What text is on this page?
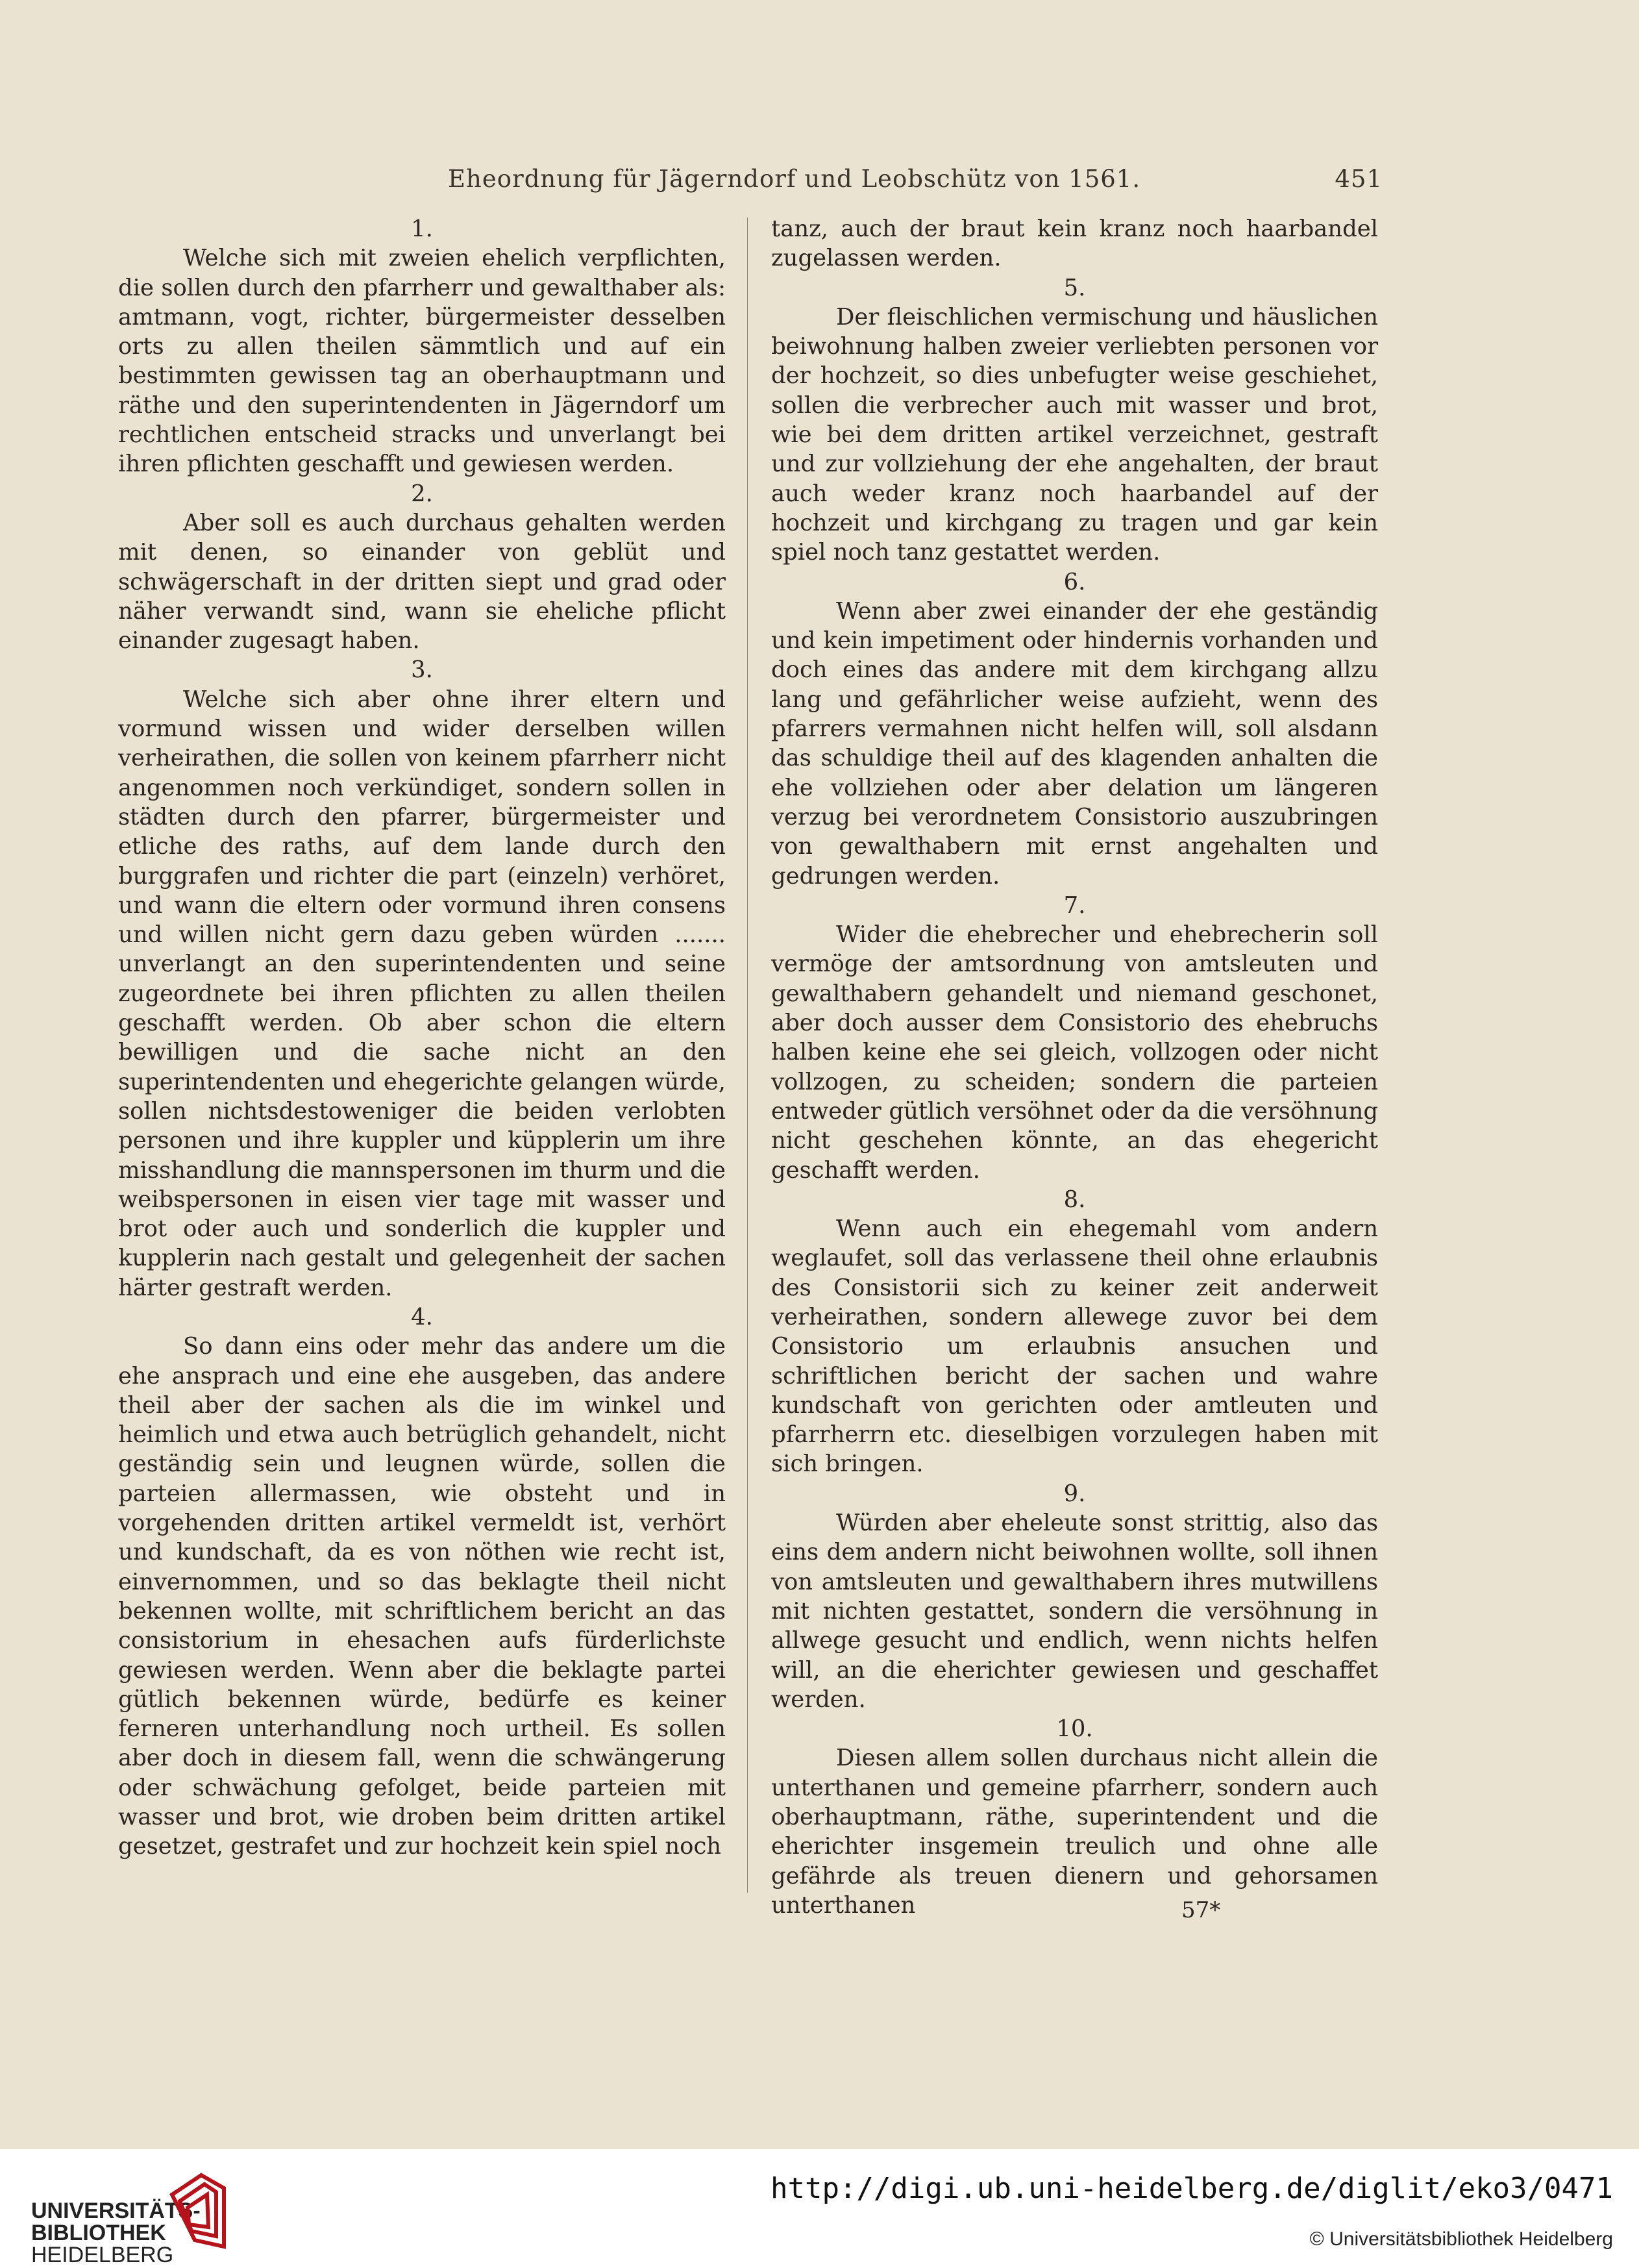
Eheordnung für Jägerndorf und Leobschütz von 1561.	451

1.

Welche sich mit zweien ehelich verpflichten, die sollen durch den pfarrherr und gewalthaber als: amtmann, vogt, richter, bürgermeister desselben orts zu allen theilen sämmtlich und auf ein bestimmten gewissen tag an oberhauptmann und räthe und den superintendenten in Jägerndorf um rechtlichen entscheid stracks und unverlangt bei ihren pflichten geschafft und gewiesen werden.

2.

Aber soll es auch durchaus gehalten werden mit denen, so einander von geblüt und schwägerschaft in der dritten siept und grad oder näher verwandt sind, wann sie eheliche pflicht einander zugesagt haben.

3.

Welche sich aber ohne ihrer eltern und vormund wissen und wider derselben willen verheirathen, die sollen von keinem pfarrherr nicht angenommen noch verkündiget, sondern sollen in städten durch den pfarrer, bürgermeister und etliche des raths, auf dem lande durch den burggrafen und richter die part (einzeln) verhöret, und wann die eltern oder vormund ihren consens und willen nicht gern dazu geben würden ....... unverlangt an den superintendenten und seine zugeordnete bei ihren pflichten zu allen theilen geschafft werden. Ob aber schon die eltern bewilligen und die sache nicht an den superintendenten und ehegerichte gelangen würde, sollen nichtsdestoweniger die beiden verlobten personen und ihre kuppler und küpplerin um ihre misshandlung die mannspersonen im thurm und die weibspersonen in eisen vier tage mit wasser und brot oder auch und sonderlich die kuppler und kupplerin nach gestalt und gelegenheit der sachen härter gestraft werden.

4.

So dann eins oder mehr das andere um die ehe ansprach und eine ehe ausgeben, das andere theil aber der sachen als die im winkel und heimlich und etwa auch betrüglich gehandelt, nicht geständig sein und leugnen würde, sollen die parteien allermassen, wie obsteht und in vorgehenden dritten artikel vermeldt ist, verhört und kundschaft, da es von nöthen wie recht ist, einvernommen, und so das beklagte theil nicht bekennen wollte, mit schriftlichem bericht an das consistorium in ehesachen aufs fürderlichste gewiesen werden. Wenn aber die beklagte partei gütlich bekennen würde, bedürfe es keiner ferneren unterhandlung noch urtheil. Es sollen aber doch in diesem fall, wenn die schwängerung oder schwächung gefolget, beide parteien mit wasser und brot, wie droben beim dritten artikel gesetzet, gestrafet und zur hochzeit kein spiel noch

tanz, auch der braut kein kranz noch haarbandel zugelassen werden.

5.

Der fleischlichen vermischung und häuslichen beiwohnung halben zweier verliebten personen vor der hochzeit, so dies unbefugter weise geschiehet, sollen die verbrecher auch mit wasser und brot, wie bei dem dritten artikel verzeichnet, gestraft und zur vollziehung der ehe angehalten, der braut auch weder kranz noch haarbandel auf der hochzeit und kirchgang zu tragen und gar kein spiel noch tanz gestattet werden.

6.

Wenn aber zwei einander der ehe geständig und kein impetiment oder hindernis vorhanden und doch eines das andere mit dem kirchgang allzu lang und gefährlicher weise aufzieht, wenn des pfarrers vermahnen nicht helfen will, soll alsdann das schuldige theil auf des klagenden anhalten die ehe vollziehen oder aber delation um längeren verzug bei verordnetem Consistorio auszubringen von gewalthabern mit ernst angehalten und gedrungen werden.

7.

Wider die ehebrecher und ehebrecherin soll vermöge der amtsordnung von amtsleuten und gewalthabern gehandelt und niemand geschonet, aber doch ausser dem Consistorio des ehebruchs halben keine ehe sei gleich, vollzogen oder nicht vollzogen, zu scheiden; sondern die parteien entweder gütlich versöhnet oder da die versöhnung nicht geschehen könnte, an das ehegericht geschafft werden.

8.

Wenn auch ein ehegemahl vom andern weglaufet, soll das verlassene theil ohne erlaubnis des Consistorii sich zu keiner zeit anderweit verheirathen, sondern allewege zuvor bei dem Consistorio um erlaubnis ansuchen und schriftlichen bericht der sachen und wahre kundschaft von gerichten oder amtleuten und pfarrherrn etc. dieselbigen vorzulegen haben mit sich bringen.

9.

Würden aber eheleute sonst strittig, also das eins dem andern nicht beiwohnen wollte, soll ihnen von amtsleuten und gewalthabern ihres mutwillens mit nichten gestattet, sondern die versöhnung in allwege gesucht und endlich, wenn nichts helfen will, an die eherichter gewiesen und geschaffet werden.

10.

Diesen allem sollen durchaus nicht allein die unterthanen und gemeine pfarrherr, sondern auch oberhauptmann, räthe, superintendent und die eherichter insgemein treulich und ohne alle gefährde als treuen dienern und gehorsamen unterthanen	57*
UNIVERSITÄTS-
BIBLIOTHEK
HEIDELBERG
http://digi.ub.uni-heidelberg.de/diglit/eko3/0471
© Universitätsbibliothek Heidelberg
